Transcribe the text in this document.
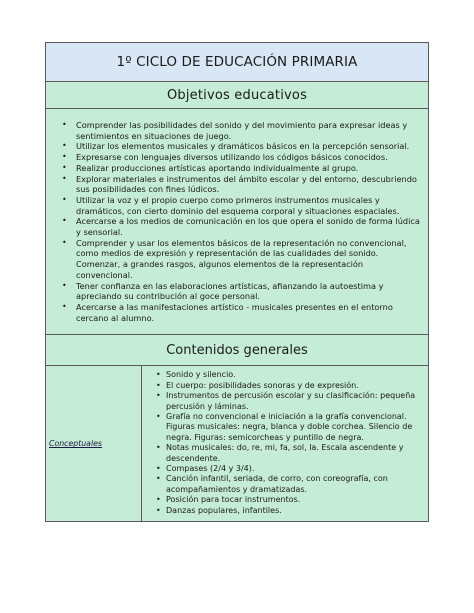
1º CICLO DE EDUCACIÓN PRIMARIA
Objetivos educativos
• Comprender las posibilidades del sonido y del movimiento para expresar ideas y sentimientos en situaciones de juego.
• Utilizar los elementos musicales y dramáticos básicos en la percepción sensorial.
• Expresarse con lenguajes diversos utilizando los códigos básicos conocidos.
• Realizar producciones artísticas aportando individualmente al grupo.
• Explorar materiales e instrumentos del ámbito escolar y del entorno, descubriendo sus posibilidades con fines lúdicos.
• Utilizar la voz y el propio cuerpo como primeros instrumentos musicales y dramáticos, con cierto dominio del esquema corporal y situaciones espaciales.
• Acercarse a los medios de comunicación en los que opera el sonido de forma lúdica y sensorial.
• Comprender y usar los elementos básicos de la representación no convencional, como medios de expresión y representación de las cualidades del sonido. Comenzar, a grandes rasgos, algunos elementos de la representación convencional.
• Tener confianza en las elaboraciones artísticas, afianzando la autoestima y apreciando su contribución al goce personal.
• Acercarse a las manifestaciones artístico - musicales presentes en el entorno cercano al alumno.
Contenidos generales
Conceptuales
• Sonido y silencio.
• El cuerpo: posibilidades sonoras y de expresión.
• Instrumentos de percusión escolar y su clasificación: pequeña percusión y láminas.
• Grafía no convencional e iniciación a la grafía convencional. Figuras musicales: negra, blanca y doble corchea. Silencio de negra. Figuras: semicorcheas y puntillo de negra.
• Notas musicales: do, re, mi, fa, sol, la. Escala ascendente y descendente.
• Compases (2/4 y 3/4).
• Canción infantil, seriada, de corro, con coreografía, con acompañamientos y dramatizadas.
• Posición para tocar instrumentos.
• Danzas populares, infantiles.
